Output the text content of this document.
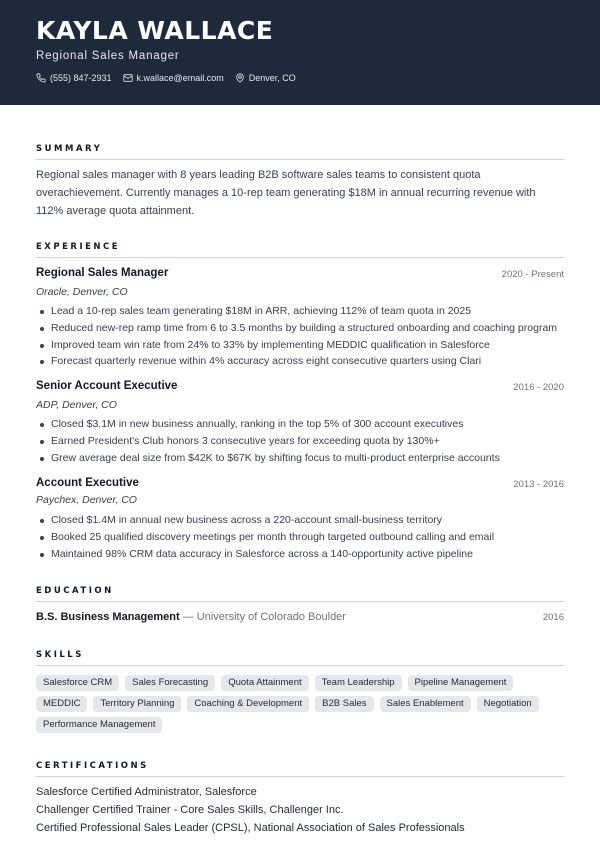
KAYLA WALLACE
Regional Sales Manager
(555) 847-2931	k.wallace@email.com	Denver, CO
SUMMARY

Regional sales manager with 8 years leading B2B software sales teams to consistent quota overachievement. Currently manages a 10-rep team generating $18M in annual recurring revenue with 112% average quota attainment.

EXPERIENCE
Regional Sales Manager	2020 - Present
Oracle, Denver, CO
Lead a 10-rep sales team generating $18M in ARR, achieving 112% of team quota in 2025
Reduced new-rep ramp time from 6 to 3.5 months by building a structured onboarding and coaching program
Improved team win rate from 24% to 33% by implementing MEDDIC qualification in Salesforce
Forecast quarterly revenue within 4% accuracy across eight consecutive quarters using Clari
Senior Account Executive	2016 - 2020
ADP, Denver, CO
Closed $3.1M in new business annually, ranking in the top 5% of 300 account executives
Earned President's Club honors 3 consecutive years for exceeding quota by 130%+
Grew average deal size from $42K to $67K by shifting focus to multi-product enterprise accounts
Account Executive	2013 - 2016
Paychex, Denver, CO
Closed $1.4M in annual new business across a 220-account small-business territory
Booked 25 qualified discovery meetings per month through targeted outbound calling and email
Maintained 98% CRM data accuracy in Salesforce across a 140-opportunity active pipeline
EDUCATION
B.S. Business Management — University of Colorado Boulder	2016
SKILLS
Salesforce CRM	Sales Forecasting	Quota Attainment	Team Leadership	Pipeline Management
MEDDIC	Territory Planning	Coaching & Development	B2B Sales	Sales Enablement	Negotiation
Performance Management
CERTIFICATIONS
Salesforce Certified Administrator, Salesforce
Challenger Certified Trainer - Core Sales Skills, Challenger Inc.
Certified Professional Sales Leader (CPSL), National Association of Sales Professionals
